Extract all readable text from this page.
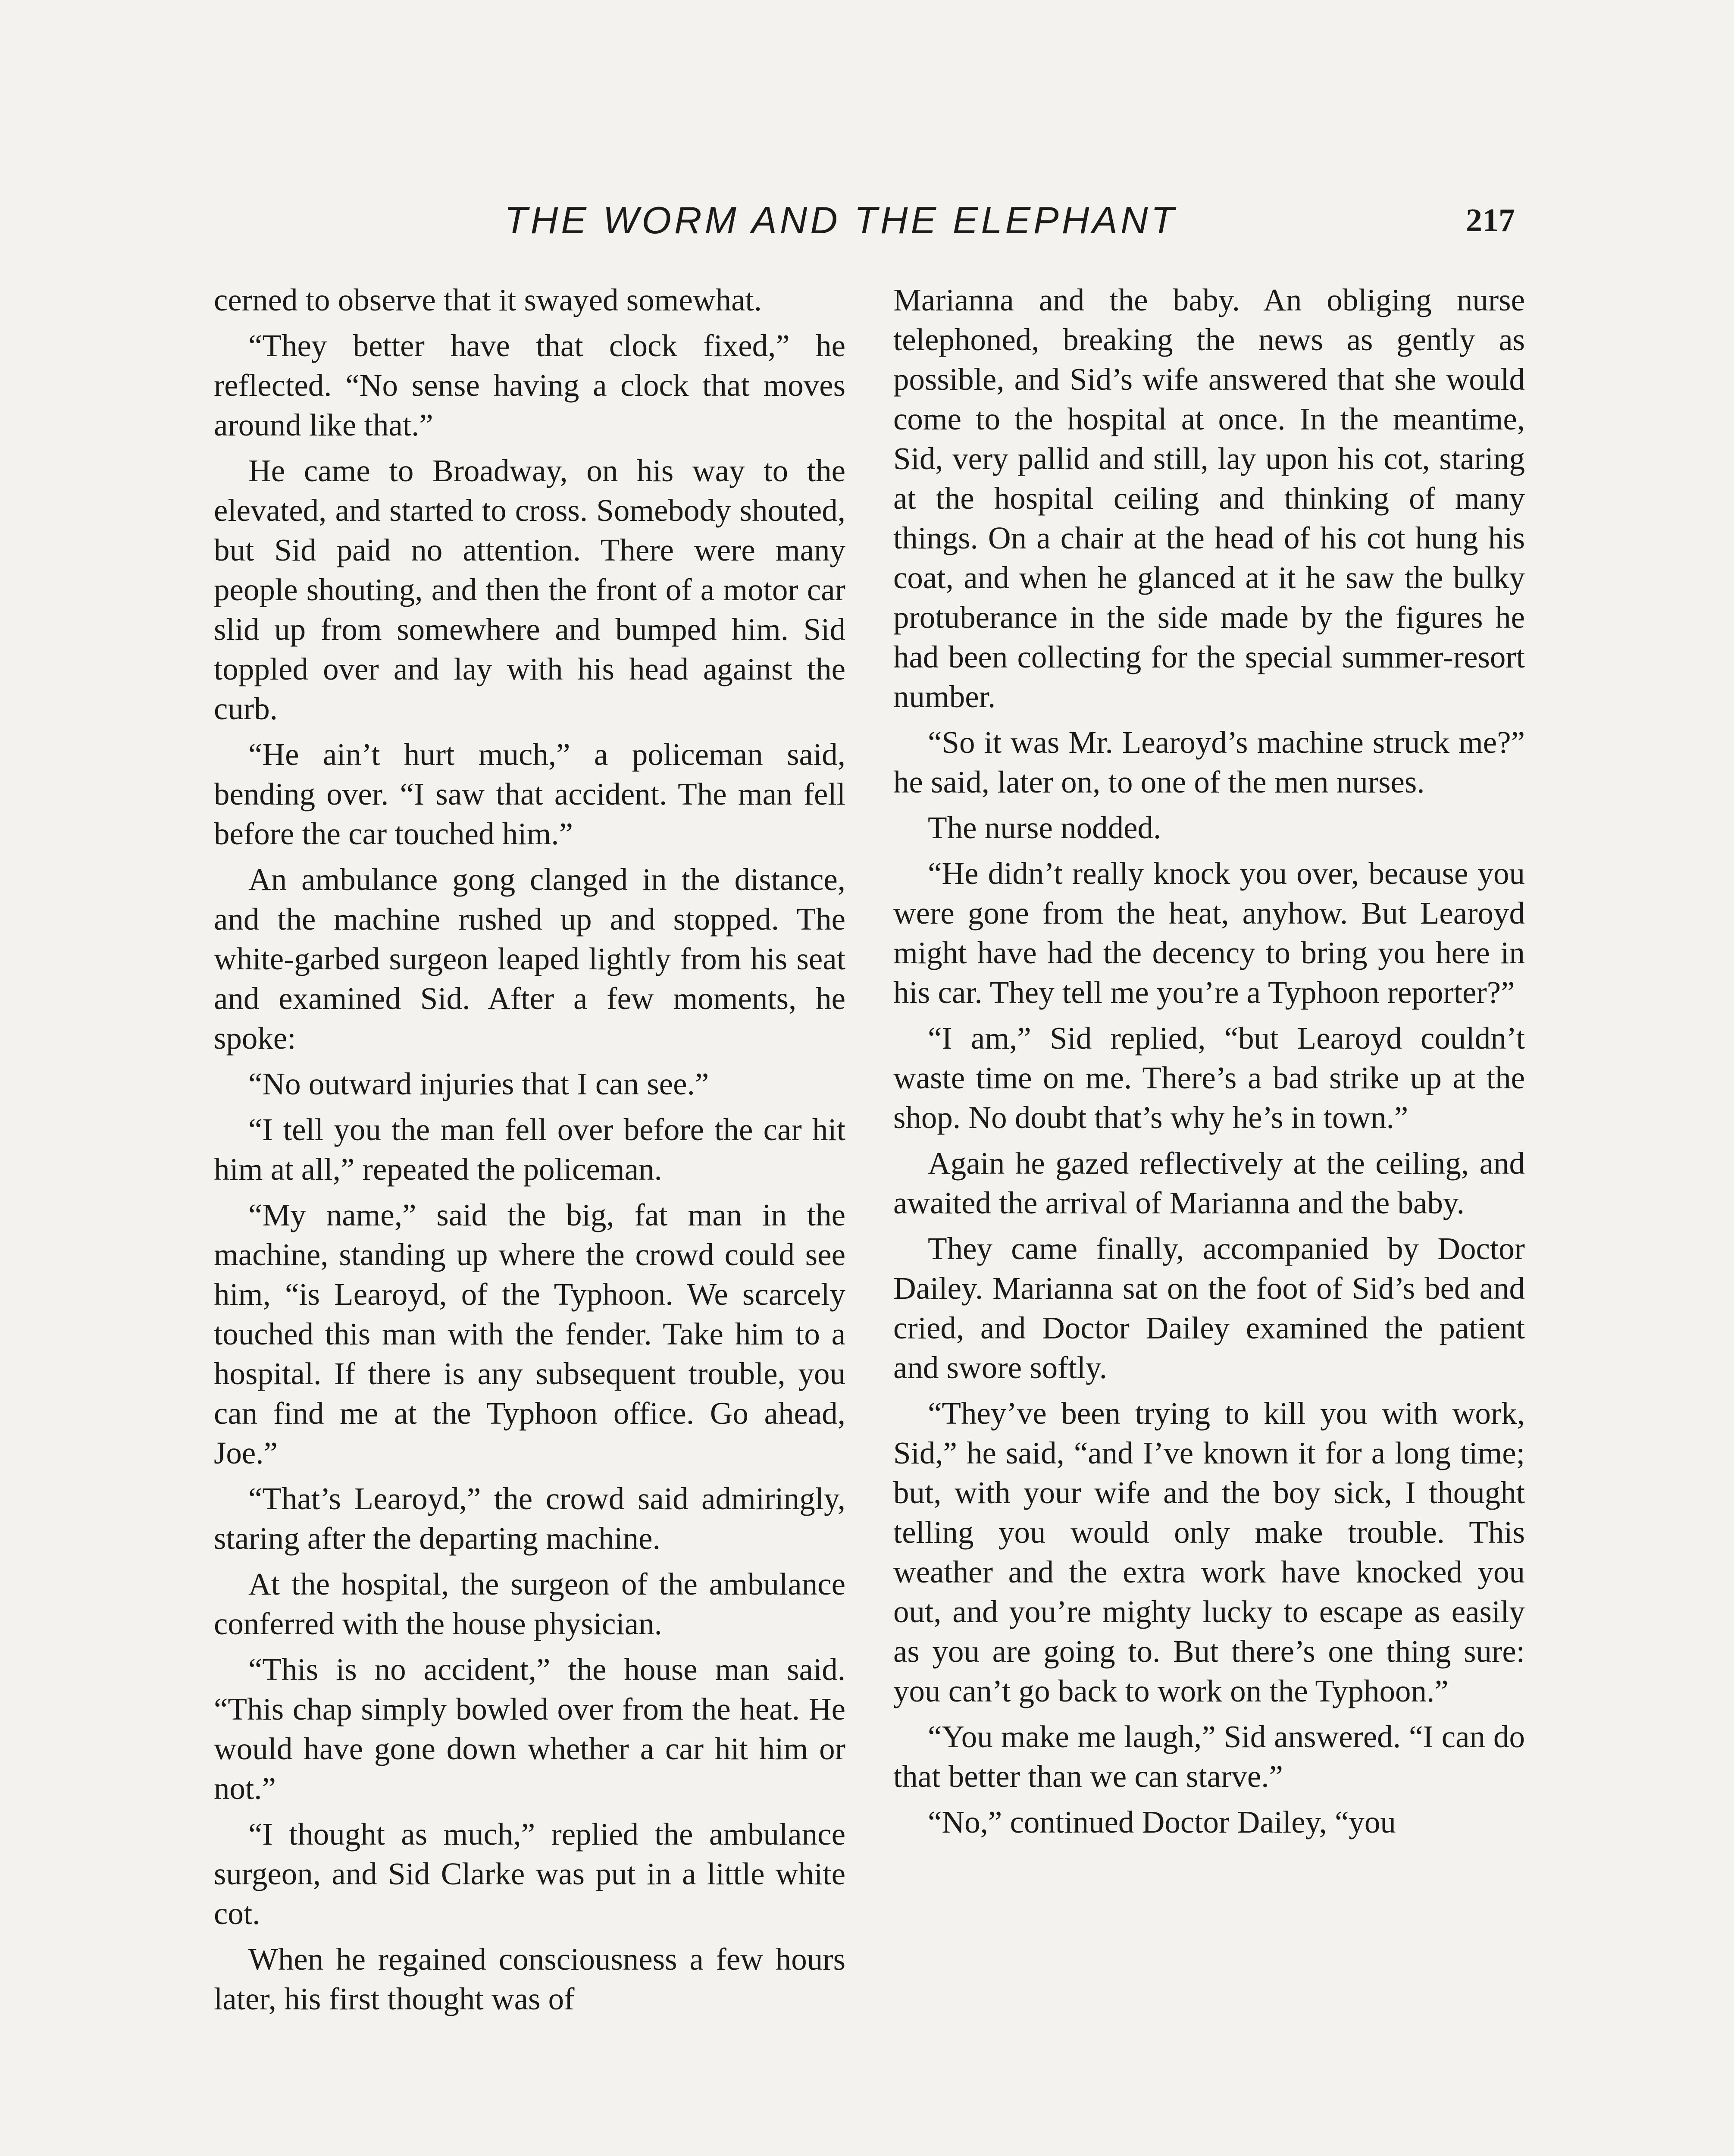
THE WORM AND THE ELEPHANT	217

cerned to observe that it swayed somewhat.

“They better have that clock fixed,” he reflected. “No sense having a clock that moves around like that.”

He came to Broadway, on his way to the elevated, and started to cross. Somebody shouted, but Sid paid no attention. There were many people shouting, and then the front of a motor car slid up from somewhere and bumped him. Sid toppled over and lay with his head against the curb.

“He ain’t hurt much,” a policeman said, bending over. “I saw that accident. The man fell before the car touched him.”

An ambulance gong clanged in the distance, and the machine rushed up and stopped. The white-garbed surgeon leaped lightly from his seat and examined Sid. After a few moments, he spoke:

“No outward injuries that I can see.”

“I tell you the man fell over before the car hit him at all,” repeated the policeman.

“My name,” said the big, fat man in the machine, standing up where the crowd could see him, “is Learoyd, of the Typhoon. We scarcely touched this man with the fender. Take him to a hospital. If there is any subsequent trouble, you can find me at the Typhoon office. Go ahead, Joe.”

“That’s Learoyd,” the crowd said admiringly, staring after the departing machine.

At the hospital, the surgeon of the ambulance conferred with the house physician.

“This is no accident,” the house man said. “This chap simply bowled over from the heat. He would have gone down whether a car hit him or not.”

“I thought as much,” replied the ambulance surgeon, and Sid Clarke was put in a little white cot.

When he regained consciousness a few hours later, his first thought was of

Marianna and the baby. An obliging nurse telephoned, breaking the news as gently as possible, and Sid’s wife answered that she would come to the hospital at once. In the meantime, Sid, very pallid and still, lay upon his cot, staring at the hospital ceiling and thinking of many things. On a chair at the head of his cot hung his coat, and when he glanced at it he saw the bulky protuberance in the side made by the figures he had been collecting for the special summer-resort number.

“So it was Mr. Learoyd’s machine struck me?” he said, later on, to one of the men nurses.

The nurse nodded.

“He didn’t really knock you over, because you were gone from the heat, anyhow. But Learoyd might have had the decency to bring you here in his car. They tell me you’re a Typhoon reporter?”

“I am,” Sid replied, “but Learoyd couldn’t waste time on me. There’s a bad strike up at the shop. No doubt that’s why he’s in town.”

Again he gazed reflectively at the ceiling, and awaited the arrival of Marianna and the baby.

They came finally, accompanied by Doctor Dailey. Marianna sat on the foot of Sid’s bed and cried, and Doctor Dailey examined the patient and swore softly.

“They’ve been trying to kill you with work, Sid,” he said, “and I’ve known it for a long time; but, with your wife and the boy sick, I thought telling you would only make trouble. This weather and the extra work have knocked you out, and you’re mighty lucky to escape as easily as you are going to. But there’s one thing sure: you can’t go back to work on the Typhoon.”

“You make me laugh,” Sid answered. “I can do that better than we can starve.”

“No,” continued Doctor Dailey, “you
